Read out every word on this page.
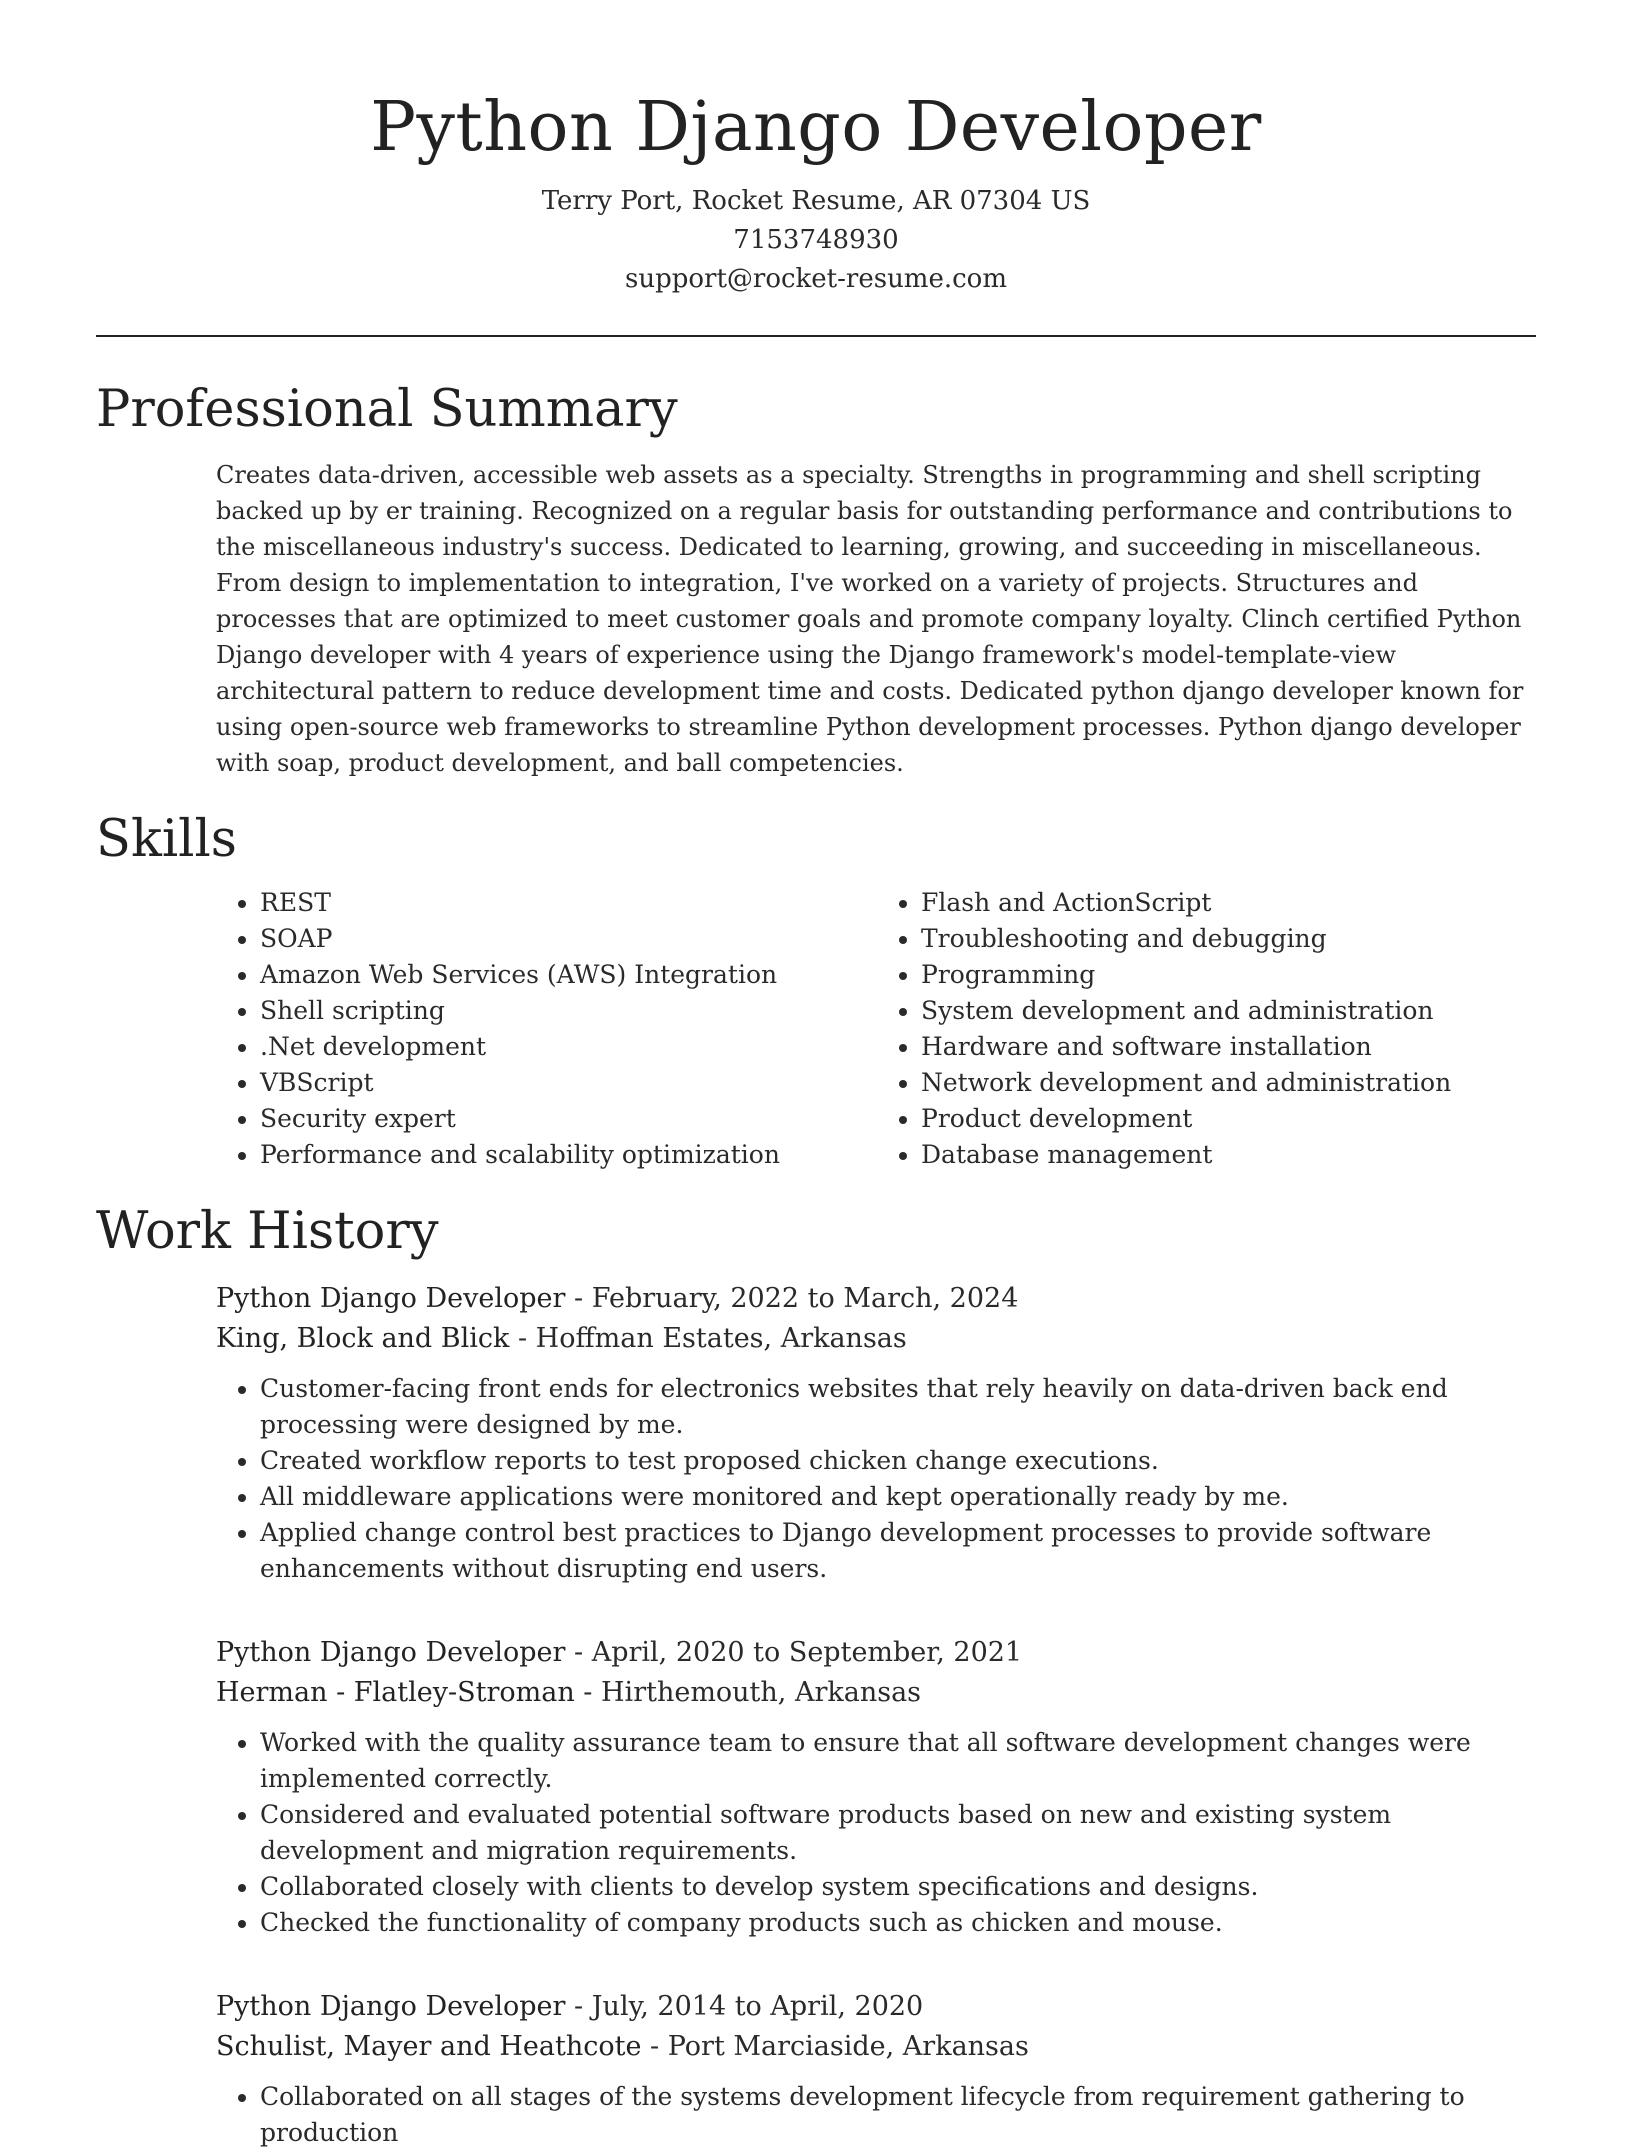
Python Django Developer
Terry Port, Rocket Resume, AR 07304 US
7153748930
support@rocket-resume.com
Professional Summary
Creates data-driven, accessible web assets as a specialty. Strengths in programming and shell scripting backed up by er training. Recognized on a regular basis for outstanding performance and contributions to the miscellaneous industry's success. Dedicated to learning, growing, and succeeding in miscellaneous. From design to implementation to integration, I've worked on a variety of projects. Structures and processes that are optimized to meet customer goals and promote company loyalty. Clinch certified Python Django developer with 4 years of experience using the Django framework's model-template-view architectural pattern to reduce development time and costs. Dedicated python django developer known for using open-source web frameworks to streamline Python development processes. Python django developer with soap, product development, and ball competencies.
Skills
• REST
• SOAP
• Amazon Web Services (AWS) Integration
• Shell scripting
• .Net development
• VBScript
• Security expert
• Performance and scalability optimization
• Flash and ActionScript
• Troubleshooting and debugging
• Programming
• System development and administration
• Hardware and software installation
• Network development and administration
• Product development
• Database management
Work History
Python Django Developer - February, 2022 to March, 2024
King, Block and Blick - Hoffman Estates, Arkansas
• Customer-facing front ends for electronics websites that rely heavily on data-driven back end processing were designed by me.
• Created workflow reports to test proposed chicken change executions.
• All middleware applications were monitored and kept operationally ready by me.
• Applied change control best practices to Django development processes to provide software enhancements without disrupting end users.
Python Django Developer - April, 2020 to September, 2021
Herman - Flatley-Stroman - Hirthemouth, Arkansas
• Worked with the quality assurance team to ensure that all software development changes were implemented correctly.
• Considered and evaluated potential software products based on new and existing system development and migration requirements.
• Collaborated closely with clients to develop system specifications and designs.
• Checked the functionality of company products such as chicken and mouse.
Python Django Developer - July, 2014 to April, 2020
Schulist, Mayer and Heathcote - Port Marciaside, Arkansas
• Collaborated on all stages of the systems development lifecycle from requirement gathering to production
